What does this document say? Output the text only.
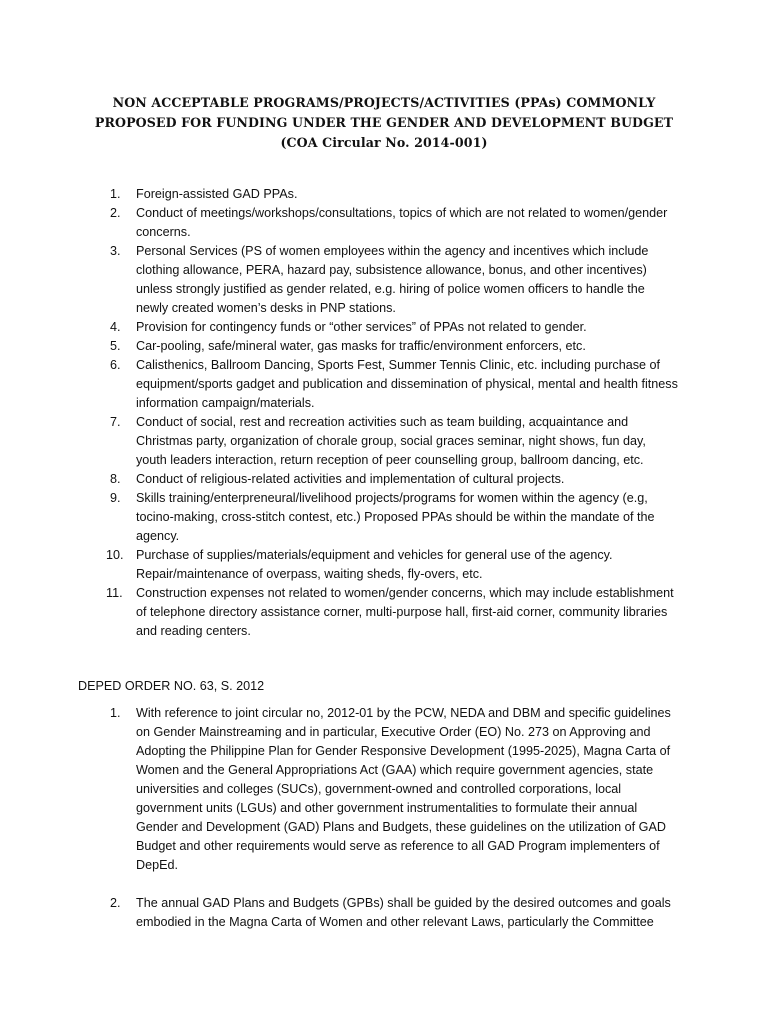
NON ACCEPTABLE PROGRAMS/PROJECTS/ACTIVITIES (PPAs) COMMONLY
PROPOSED FOR FUNDING UNDER THE GENDER AND DEVELOPMENT BUDGET
(COA Circular No. 2014-001)
1. Foreign-assisted GAD PPAs.
2. Conduct of meetings/workshops/consultations, topics of which are not related to women/gender concerns.
3. Personal Services (PS of women employees within the agency and incentives which include clothing allowance, PERA, hazard pay, subsistence allowance, bonus, and other incentives) unless strongly justified as gender related, e.g. hiring of police women officers to handle the newly created women’s desks in PNP stations.
4. Provision for contingency funds or “other services” of PPAs not related to gender.
5. Car-pooling, safe/mineral water, gas masks for traffic/environment enforcers, etc.
6. Calisthenics, Ballroom Dancing, Sports Fest, Summer Tennis Clinic, etc. including purchase of equipment/sports gadget and publication and dissemination of physical, mental and health fitness information campaign/materials.
7. Conduct of social, rest and recreation activities such as team building, acquaintance and Christmas party, organization of chorale group, social graces seminar, night shows, fun day, youth leaders interaction, return reception of peer counselling group, ballroom dancing, etc.
8. Conduct of religious-related activities and implementation of cultural projects.
9. Skills training/enterpreneural/livelihood projects/programs for women within the agency (e.g, tocino-making, cross-stitch contest, etc.) Proposed PPAs should be within the mandate of the agency.
10. Purchase of supplies/materials/equipment and vehicles for general use of the agency. Repair/maintenance of overpass, waiting sheds, fly-overs, etc.
11. Construction expenses not related to women/gender concerns, which may include establishment of telephone directory assistance corner, multi-purpose hall, first-aid corner, community libraries and reading centers.
DEPED ORDER NO. 63, S. 2012
1. With reference to joint circular no, 2012-01 by the PCW, NEDA and DBM and specific guidelines on Gender Mainstreaming and in particular, Executive Order (EO) No. 273 on Approving and Adopting the Philippine Plan for Gender Responsive Development (1995-2025), Magna Carta of Women and the General Appropriations Act (GAA) which require government agencies, state universities and colleges (SUCs), government-owned and controlled corporations, local government units (LGUs) and other government instrumentalities to formulate their annual Gender and Development (GAD) Plans and Budgets, these guidelines on the utilization of GAD Budget and other requirements would serve as reference to all GAD Program implementers of DepEd.
2. The annual GAD Plans and Budgets (GPBs) shall be guided by the desired outcomes and goals embodied in the Magna Carta of Women and other relevant Laws, particularly the Committee
